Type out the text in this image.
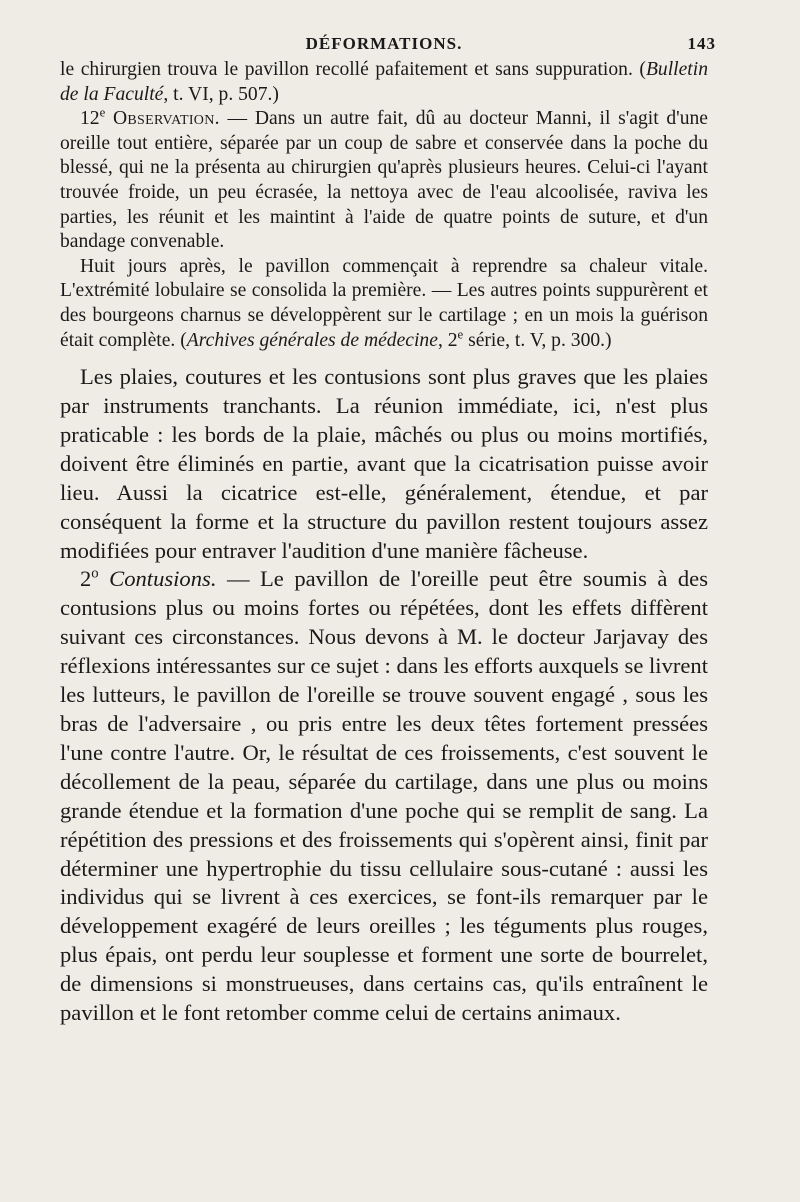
DÉFORMATIONS.	143

le chirurgien trouva le pavillon recollé pafaitement et sans suppuration. (Bulletin de la Faculté, t. VI, p. 507.)

12e Observation. — Dans un autre fait, dû au docteur Manni, il s'agit d'une oreille tout entière, séparée par un coup de sabre et conservée dans la poche du blessé, qui ne la présenta au chirurgien qu'après plusieurs heures. Celui-ci l'ayant trouvée froide, un peu écrasée, la nettoya avec de l'eau alcoolisée, raviva les parties, les réunit et les maintint à l'aide de quatre points de suture, et d'un bandage convenable.

Huit jours après, le pavillon commençait à reprendre sa chaleur vitale. L'extrémité lobulaire se consolida la première. — Les autres points suppurèrent et des bourgeons charnus se développèrent sur le cartilage ; en un mois la guérison était complète. (Archives générales de médecine, 2e série, t. V, p. 300.)

Les plaies, coutures et les contusions sont plus graves que les plaies par instruments tranchants. La réunion immédiate, ici, n'est plus praticable : les bords de la plaie, mâchés ou plus ou moins mortifiés, doivent être éliminés en partie, avant que la cicatrisation puisse avoir lieu. Aussi la cicatrice est-elle, généralement, étendue, et par conséquent la forme et la structure du pavillon restent toujours assez modifiées pour entraver l'audition d'une manière fâcheuse.

2$^o$ Contusions. — Le pavillon de l'oreille peut être soumis à des contusions plus ou moins fortes ou répétées, dont les effets diffèrent suivant ces circonstances. Nous devons à M. le docteur Jarjavay des réflexions intéressantes sur ce sujet : dans les efforts auxquels se livrent les lutteurs, le pavillon de l'oreille se trouve souvent engagé , sous les bras de l'adversaire , ou pris entre les deux têtes fortement pressées l'une contre l'autre. Or, le résultat de ces froissements, c'est souvent le décollement de la peau, séparée du cartilage, dans une plus ou moins grande étendue et la formation d'une poche qui se remplit de sang. La répétition des pressions et des froissements qui s'opèrent ainsi, finit par déterminer une hypertrophie du tissu cellulaire sous-cutané : aussi les individus qui se livrent à ces exercices, se font-ils remarquer par le développement exagéré de leurs oreilles ; les téguments plus rouges, plus épais, ont perdu leur souplesse et forment une sorte de bourrelet, de dimensions si monstrueuses, dans certains cas, qu'ils entraînent le pavillon et le font retomber comme celui de certains animaux.
